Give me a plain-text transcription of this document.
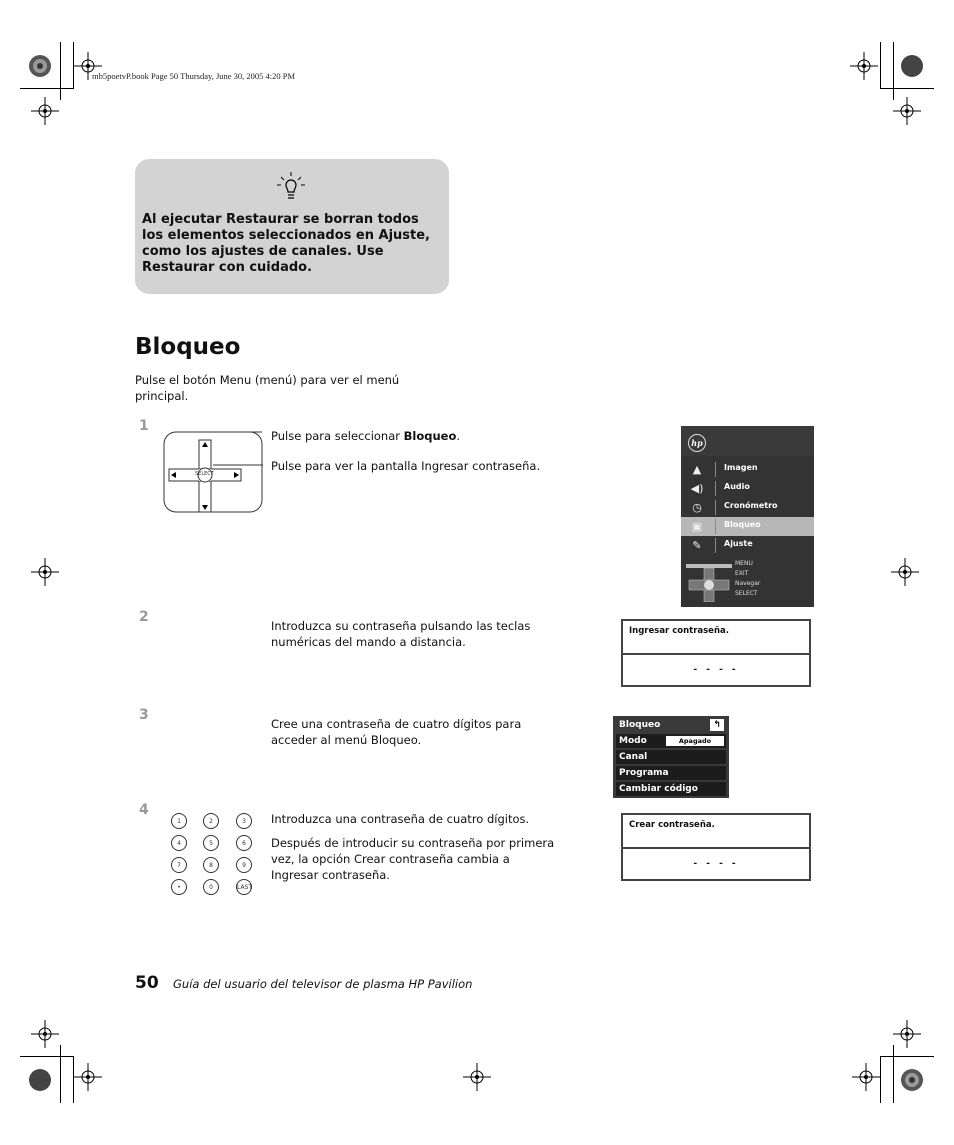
mb5poetvP.book Page 50 Thursday, June 30, 2005 4:20 PM
Al ejecutar Restaurar se borran todos los elementos seleccionados en Ajuste, como los ajustes de canales. Use Restaurar con cuidado.
Bloqueo
Pulse el botón Menu (menú) para ver el menú principal.
1
SELECT
Pulse para seleccionar Bloqueo.
Pulse para ver la pantalla Ingresar contraseña.
hp
▲	Imagen
◀)	Audio
◷	Cronómetro
▣	Bloqueo
✎	Ajuste
MENU
EXIT
Navegar
SELECT
2
Introduzca su contraseña pulsando las teclas numéricas del mando a distancia.
Ingresar contraseña.
- - - -
3
Cree una contraseña de cuatro dígitos para acceder al menú Bloqueo.
Bloqueo	↰
Modo	Apagado
Canal
Programa
Cambiar código
4
1	2	3
4	5	6
7	8	9
•	0	LAST
Introduzca una contraseña de cuatro dígitos.
Después de introducir su contraseña por primera vez, la opción Crear contraseña cambia a Ingresar contraseña.
Crear contraseña.
- - - -
50 Guía del usuario del televisor de plasma HP Pavilion
